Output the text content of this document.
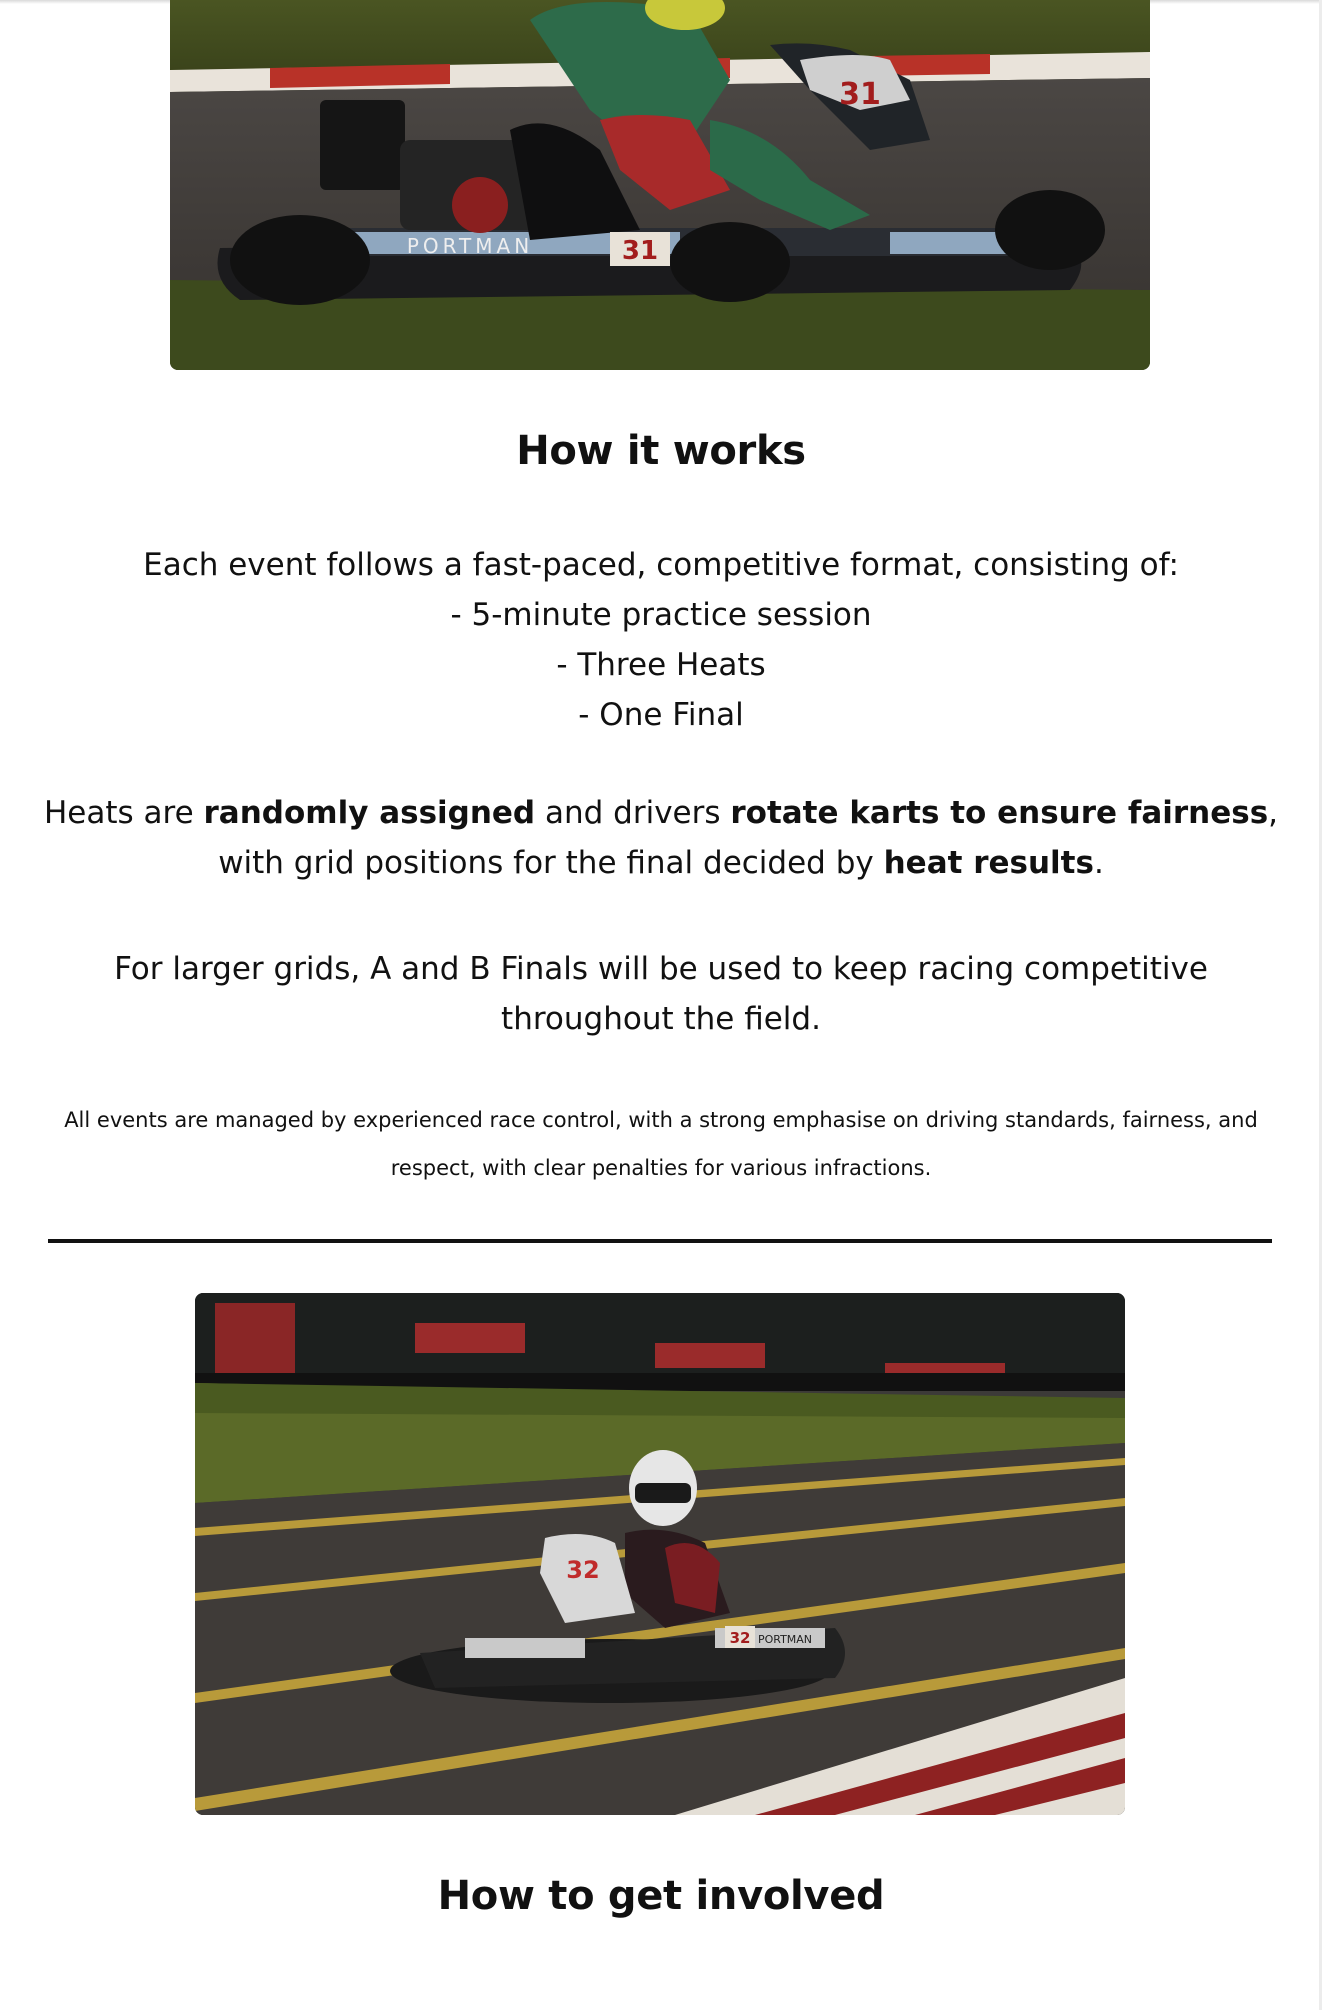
31
PORTMAN
31
How it works
Each event follows a fast-paced, competitive format, consisting of:
- 5-minute practice session
- Three Heats
- One Final

Heats are randomly assigned and drivers rotate karts to ensure fairness, with grid positions for the final decided by heat results.

For larger grids, A and B Finals will be used to keep racing competitive throughout the field.

All events are managed by experienced race control, with a strong emphasise on driving standards, fairness, and respect, with clear penalties for various infractions.

32
32 PORTMAN
How to get involved
